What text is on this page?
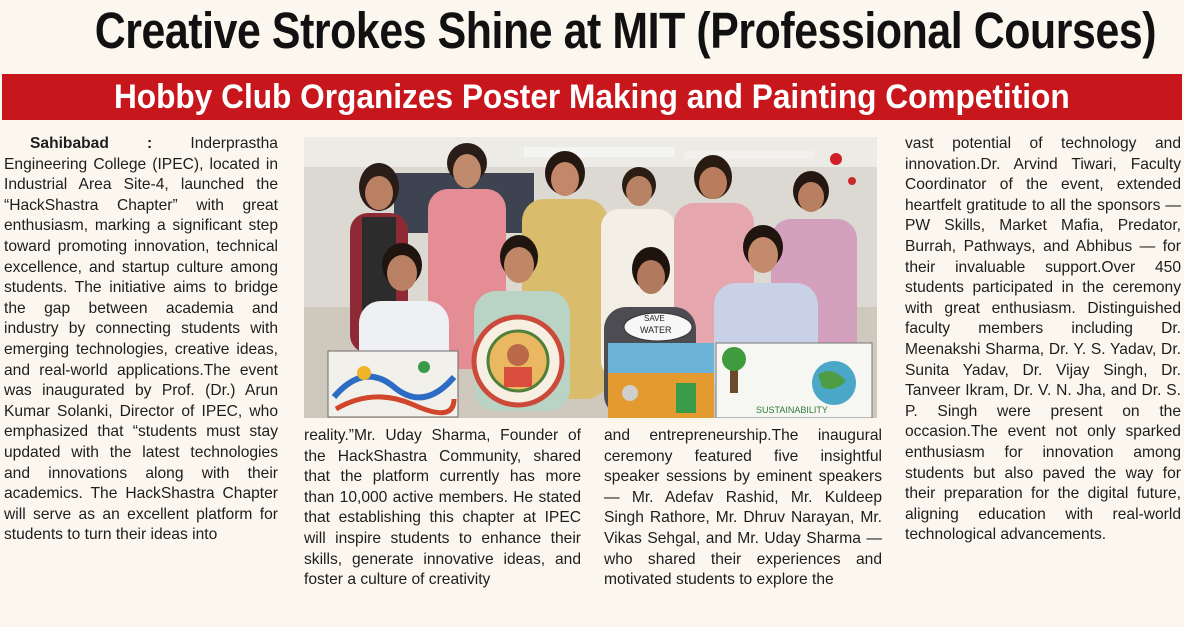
Creative Strokes Shine at MIT (Professional Courses)
Hobby Club Organizes Poster Making and Painting Competition
Sahibabad : Inderprastha Engineering College (IPEC), located in Industrial Area Site-4, launched the “HackShastra Chapter” with great enthusiasm, marking a significant step toward promoting innovation, technical excellence, and startup culture among students. The initiative aims to bridge the gap between academia and industry by connecting students with emerging technologies, creative ideas, and real-world applications.The event was inaugurated by Prof. (Dr.) Arun Kumar Solanki, Director of IPEC, who emphasized that “students must stay updated with the latest technologies and innovations along with their academics. The HackShastra Chapter will serve as an excellent platform for students to turn their ideas into
SAVE
WATER
SUSTAINABILITY
reality.”Mr. Uday Sharma, Founder of the HackShastra Community, shared that the platform currently has more than 10,000 active members. He stated that establishing this chapter at IPEC will inspire students to enhance their skills, generate innovative ideas, and foster a culture of creativity
and entrepreneurship.The inaugural ceremony featured five insightful speaker sessions by eminent speakers — Mr. Adefav Rashid, Mr. Kuldeep Singh Rathore, Mr. Dhruv Narayan, Mr. Vikas Sehgal, and Mr. Uday Sharma — who shared their experiences and motivated students to explore the
vast potential of technology and innovation.Dr. Arvind Tiwari, Faculty Coordinator of the event, extended heartfelt gratitude to all the sponsors — PW Skills, Market Mafia, Predator, Burrah, Pathways, and Abhibus — for their invaluable support.Over 450 students participated in the ceremony with great enthusiasm. Distinguished faculty members including Dr. Meenakshi Sharma, Dr. Y. S. Yadav, Dr. Sunita Yadav, Dr. Vijay Singh, Dr. Tanveer Ikram, Dr. V. N. Jha, and Dr. S. P. Singh were present on the occasion.The event not only sparked enthusiasm for innovation among students but also paved the way for their preparation for the digital future, aligning education with real-world technological advancements.
